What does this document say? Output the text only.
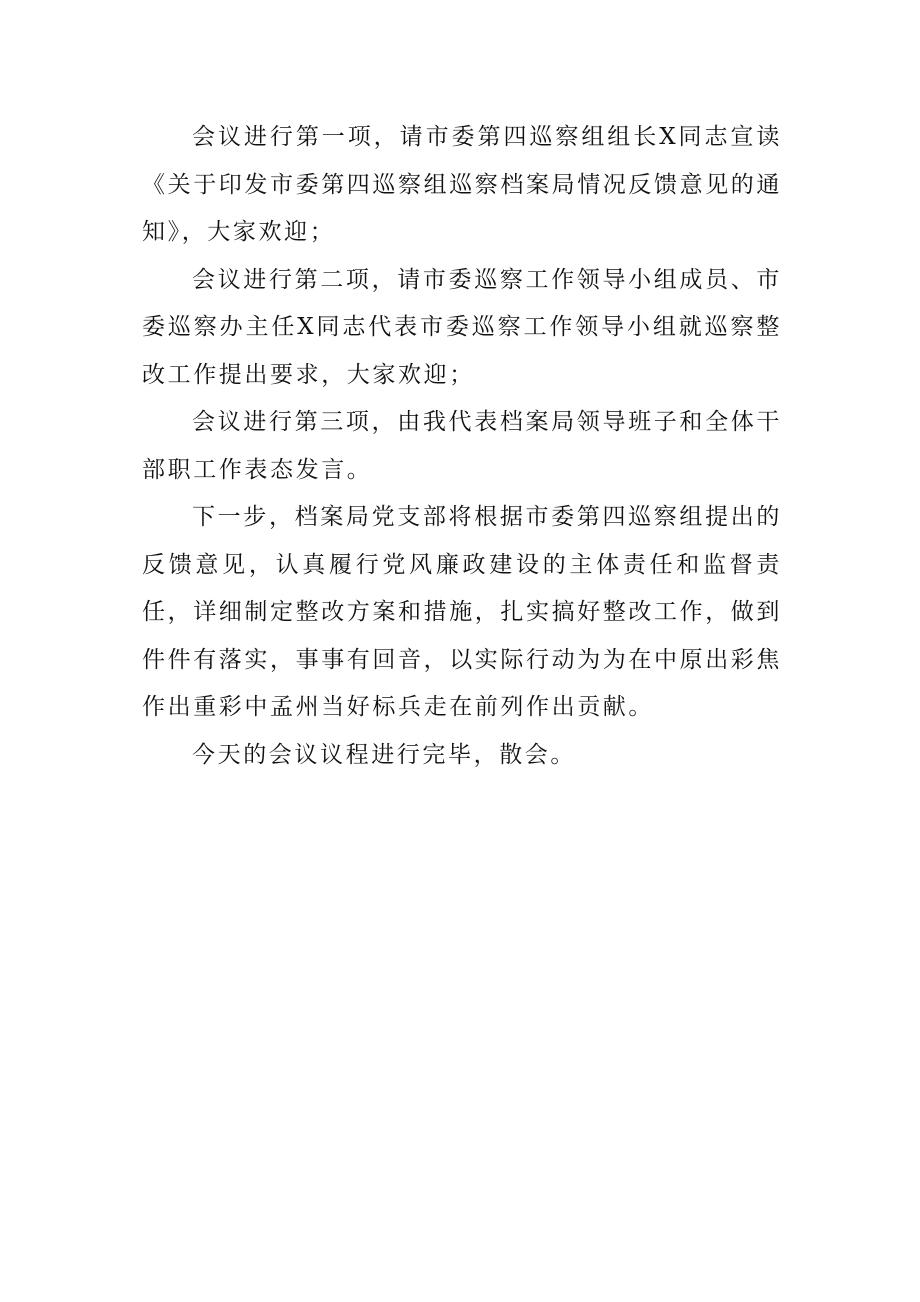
会议进行第一项，请市委第四巡察组组长X同志宣读《关于印发市委第四巡察组巡察档案局情况反馈意见的通知》，大家欢迎；

会议进行第二项，请市委巡察工作领导小组成员、市委巡察办主任X同志代表市委巡察工作领导小组就巡察整改工作提出要求，大家欢迎；

会议进行第三项，由我代表档案局领导班子和全体干部职工作表态发言。

下一步，档案局党支部将根据市委第四巡察组提出的反馈意见，认真履行党风廉政建设的主体责任和监督责任，详细制定整改方案和措施，扎实搞好整改工作，做到件件有落实，事事有回音，以实际行动为为在中原出彩焦作出重彩中孟州当好标兵走在前列作出贡献。

今天的会议议程进行完毕，散会。
